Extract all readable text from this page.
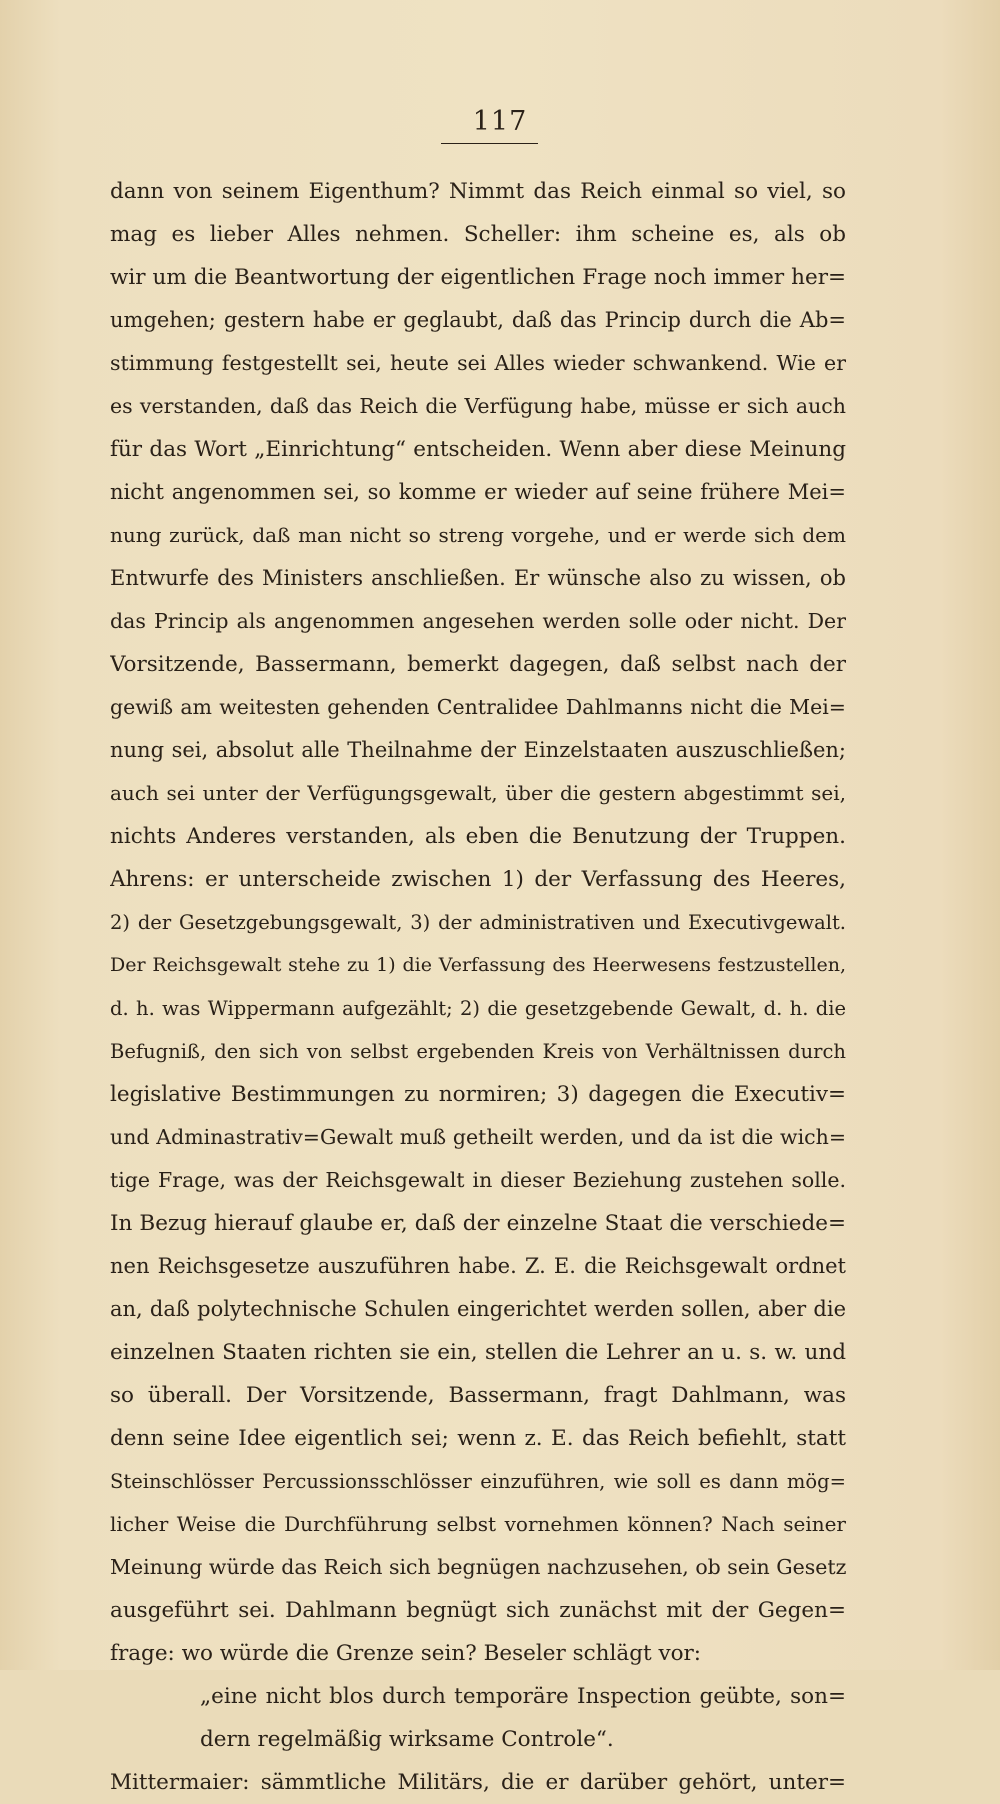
117
dann von seinem Eigenthum? Nimmt das Reich einmal so viel, so
mag es lieber Alles nehmen. Scheller: ihm scheine es, als ob
wir um die Beantwortung der eigentlichen Frage noch immer her=
umgehen; gestern habe er geglaubt, daß das Princip durch die Ab=
stimmung festgestellt sei, heute sei Alles wieder schwankend. Wie er
es verstanden, daß das Reich die Verfügung habe, müsse er sich auch
für das Wort „Einrichtung“ entscheiden. Wenn aber diese Meinung
nicht angenommen sei, so komme er wieder auf seine frühere Mei=
nung zurück, daß man nicht so streng vorgehe, und er werde sich dem
Entwurfe des Ministers anschließen. Er wünsche also zu wissen, ob
das Princip als angenommen angesehen werden solle oder nicht. Der
Vorsitzende, Bassermann, bemerkt dagegen, daß selbst nach der
gewiß am weitesten gehenden Centralidee Dahlmanns nicht die Mei=
nung sei, absolut alle Theilnahme der Einzelstaaten auszuschließen;
auch sei unter der Verfügungsgewalt, über die gestern abgestimmt sei,
nichts Anderes verstanden, als eben die Benutzung der Truppen.
Ahrens: er unterscheide zwischen 1) der Verfassung des Heeres,
2) der Gesetzgebungsgewalt, 3) der administrativen und Executivgewalt.
Der Reichsgewalt stehe zu 1) die Verfassung des Heerwesens festzustellen,
d. h. was Wippermann aufgezählt; 2) die gesetzgebende Gewalt, d. h. die
Befugniß, den sich von selbst ergebenden Kreis von Verhältnissen durch
legislative Bestimmungen zu normiren; 3) dagegen die Executiv=
und Adminastrativ=Gewalt muß getheilt werden, und da ist die wich=
tige Frage, was der Reichsgewalt in dieser Beziehung zustehen solle.
In Bezug hierauf glaube er, daß der einzelne Staat die verschiede=
nen Reichsgesetze auszuführen habe. Z. E. die Reichsgewalt ordnet
an, daß polytechnische Schulen eingerichtet werden sollen, aber die
einzelnen Staaten richten sie ein, stellen die Lehrer an u. s. w. und
so überall. Der Vorsitzende, Bassermann, fragt Dahlmann, was
denn seine Idee eigentlich sei; wenn z. E. das Reich befiehlt, statt
Steinschlösser Percussionsschlösser einzuführen, wie soll es dann mög=
licher Weise die Durchführung selbst vornehmen können? Nach seiner
Meinung würde das Reich sich begnügen nachzusehen, ob sein Gesetz
ausgeführt sei. Dahlmann begnügt sich zunächst mit der Gegen=
frage: wo würde die Grenze sein? Beseler schlägt vor:
„eine nicht blos durch temporäre Inspection geübte, son=
dern regelmäßig wirksame Controle“.
Mittermaier: sämmtliche Militärs, die er darüber gehört, unter=
